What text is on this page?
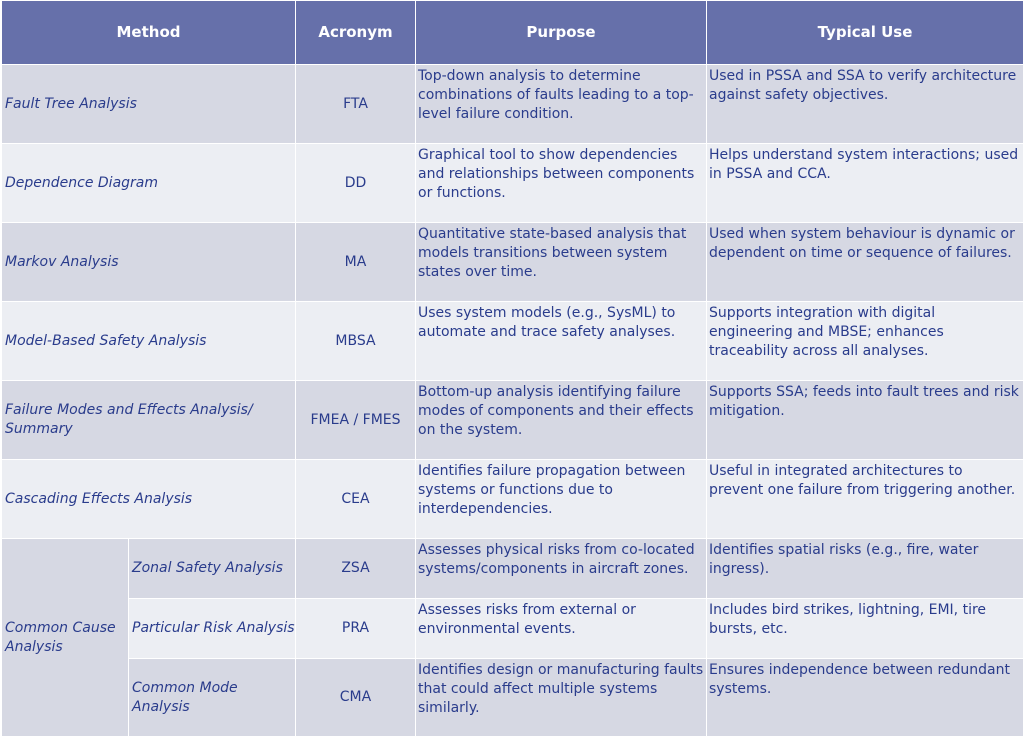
Method		Acronym	Purpose	Typical Use
Fault Tree Analysis		FTA	Top-down analysis to determine combinations of faults leading to a top-level failure condition.	Used in PSSA and SSA to verify architecture against safety objectives.
Dependence Diagram		DD	Graphical tool to show dependencies and relationships between components or functions.	Helps understand system interactions; used in PSSA and CCA.
Markov Analysis		MA	Quantitative state-based analysis that models transitions between system states over time.	Used when system behaviour is dynamic or dependent on time or sequence of failures.
Model-Based Safety Analysis		MBSA	Uses system models (e.g., SysML) to automate and trace safety analyses.	Supports integration with digital engineering and MBSE; enhances traceability across all analyses.
Failure Modes and Effects Analysis/ Summary		FMEA / FMES	Bottom-up analysis identifying failure modes of components and their effects on the system.	Supports SSA; feeds into fault trees and risk mitigation.
Cascading Effects Analysis		CEA	Identifies failure propagation between systems or functions due to interdependencies.	Useful in integrated architectures to prevent one failure from triggering another.
Common Cause Analysis	Zonal Safety Analysis	ZSA	Assesses physical risks from co-located systems/components in aircraft zones.	Identifies spatial risks (e.g., fire, water ingress).
	Particular Risk Analysis	PRA	Assesses risks from external or environmental events.	Includes bird strikes, lightning, EMI, tire bursts, etc.
	Common Mode Analysis	CMA	Identifies design or manufacturing faults that could affect multiple systems similarly.	Ensures independence between redundant systems.
